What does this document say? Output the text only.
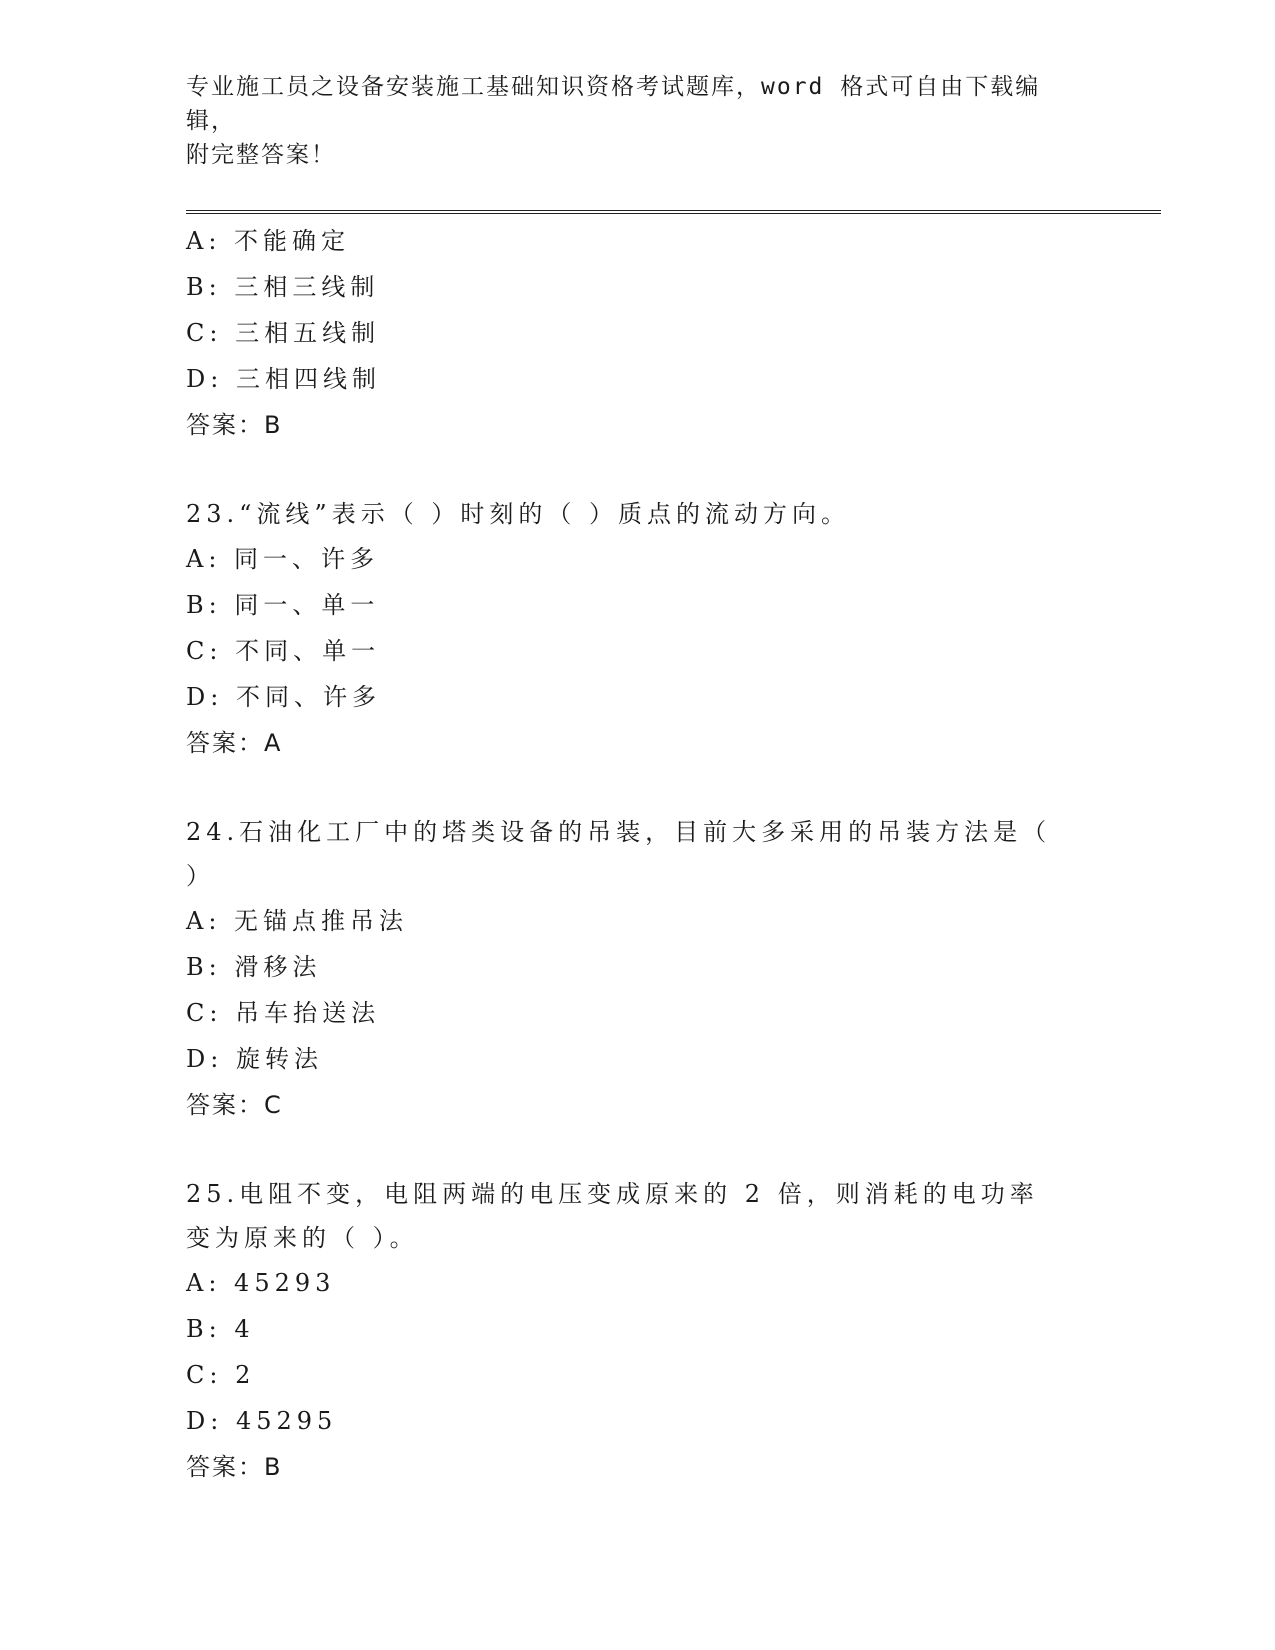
专业施工员之设备安装施工基础知识资格考试题库，word 格式可自由下载编辑，
附完整答案！
A: 不能确定
B: 三相三线制
C: 三相五线制
D: 三相四线制
答案：B
23.“流线”表示（ ）时刻的（ ）质点的流动方向。
A: 同一、许多
B: 同一、单一
C: 不同、单一
D: 不同、许多
答案：A
24.石油化工厂中的塔类设备的吊装，目前大多采用的吊装方法是（ ）
A: 无锚点推吊法
B: 滑移法
C: 吊车抬送法
D: 旋转法
答案：C
25.电阻不变，电阻两端的电压变成原来的 2 倍，则消耗的电功率变为原来的（ ）。
A: 45293
B: 4
C: 2
D: 45295
答案：B
